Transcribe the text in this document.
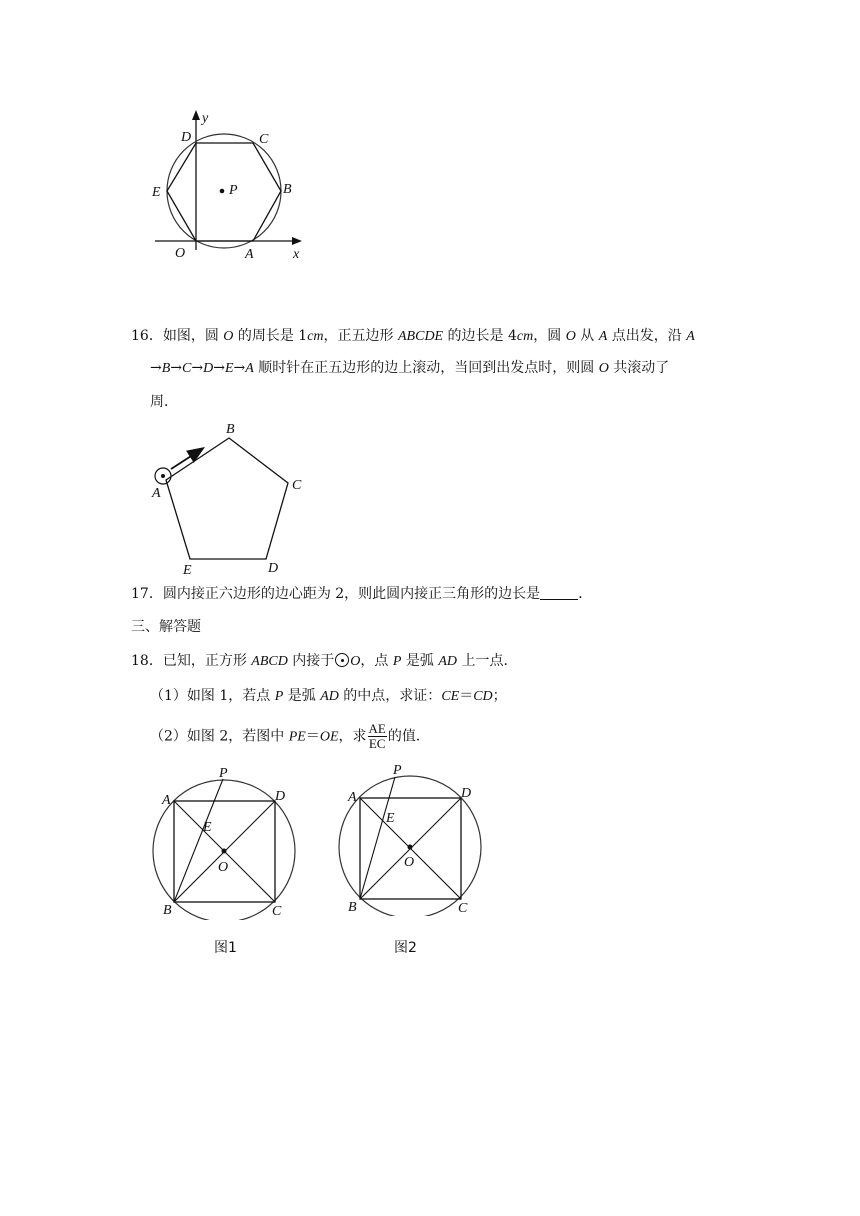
y
D	C
E	B
P
O	A	x
16．如图，圆 O 的周长是 1cm，正五边形 ABCDE 的边长是 4cm，圆 O 从 A 点出发，沿 A
→B→C→D→E→A 顺时针在正五边形的边上滚动，当回到出发点时，则圆 O 共滚动了
周．
B
C
A
D
E
17．圆内接正六边形的边心距为 2，则此圆内接正三角形的边长是	．
三、解答题
18．已知，正方形 ABCD 内接于 O，点 P 是弧 AD 上一点．
（1）如图 1，若点 P 是弧 AD 的中点，求证：CE＝CD；
（2）如图 2，若图中 PE＝OE，求 $\frac{AE}{EC}$ 的值．
P
A	D
E
O
B	C
图1
P
A	D
E
O
B	C
图2
